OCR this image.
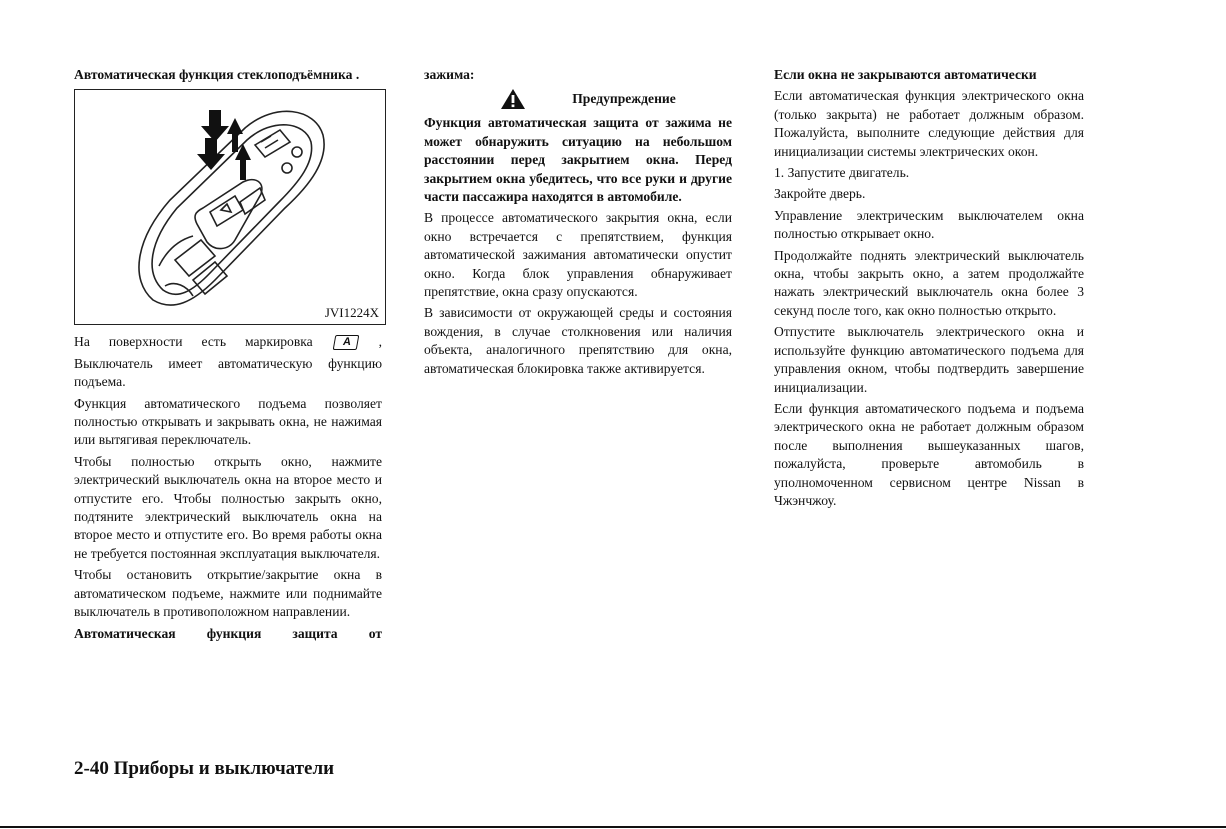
Автоматическая функция стеклоподъёмника .
JVI1224X

На поверхности есть маркировка	A ,

Выключатель имеет автоматическую функцию подъема.

Функция автоматического подъема позволяет полностью открывать и закрывать окна, не нажимая или вытягивая переключатель.

Чтобы полностью открыть окно, нажмите электрический выключатель окна на второе место и отпустите его. Чтобы полностью закрыть окно, подтяните электрический выключатель окна на второе место и отпустите его. Во время работы окна не требуется постоянная эксплуатация выключателя.

Чтобы остановить открытие/закрытие окна в автоматическом подъеме, нажмите или поднимайте выключатель в противоположном направлении.

Автоматическая функция защита от

зажима:
Предупреждение

Функция автоматическая защита от зажима не может обнаружить ситуацию на небольшом расстоянии перед закрытием окна. Перед закрытием окна убедитесь, что все руки и другие части пассажира находятся в автомобиле.

В процессе автоматического закрытия окна, если окно встречается с препятствием, функция автоматической зажимания автоматически опустит окно. Когда блок управления обнаруживает препятствие, окна сразу опускаются.

В зависимости от окружающей среды и состояния вождения, в случае столкновения или наличия объекта, аналогичного препятствию для окна, автоматическая блокировка также активируется.

Если окна не закрываются автоматически

Если автоматическая функция электрического окна (только закрыта) не работает должным образом. Пожалуйста, выполните следующие действия для инициализации системы электрических окон.

1. Запустите двигатель.

Закройте дверь.

Управление электрическим выключателем окна полностью открывает окно.

Продолжайте поднять электрический выключатель окна, чтобы закрыть окно, а затем продолжайте нажать электрический выключатель окна более 3 секунд после того, как окно полностью открыто.

Отпустите выключатель электрического окна и используйте функцию автоматического подъема для управления окном, чтобы подтвердить завершение инициализации.

Если функция автоматического подъема и подъема электрического окна не работает должным образом после выполнения вышеуказанных шагов, пожалуйста, проверьте автомобиль в уполномоченном сервисном центре Nissan в Чжэнчжоу.

2-40 Приборы и выключатели
